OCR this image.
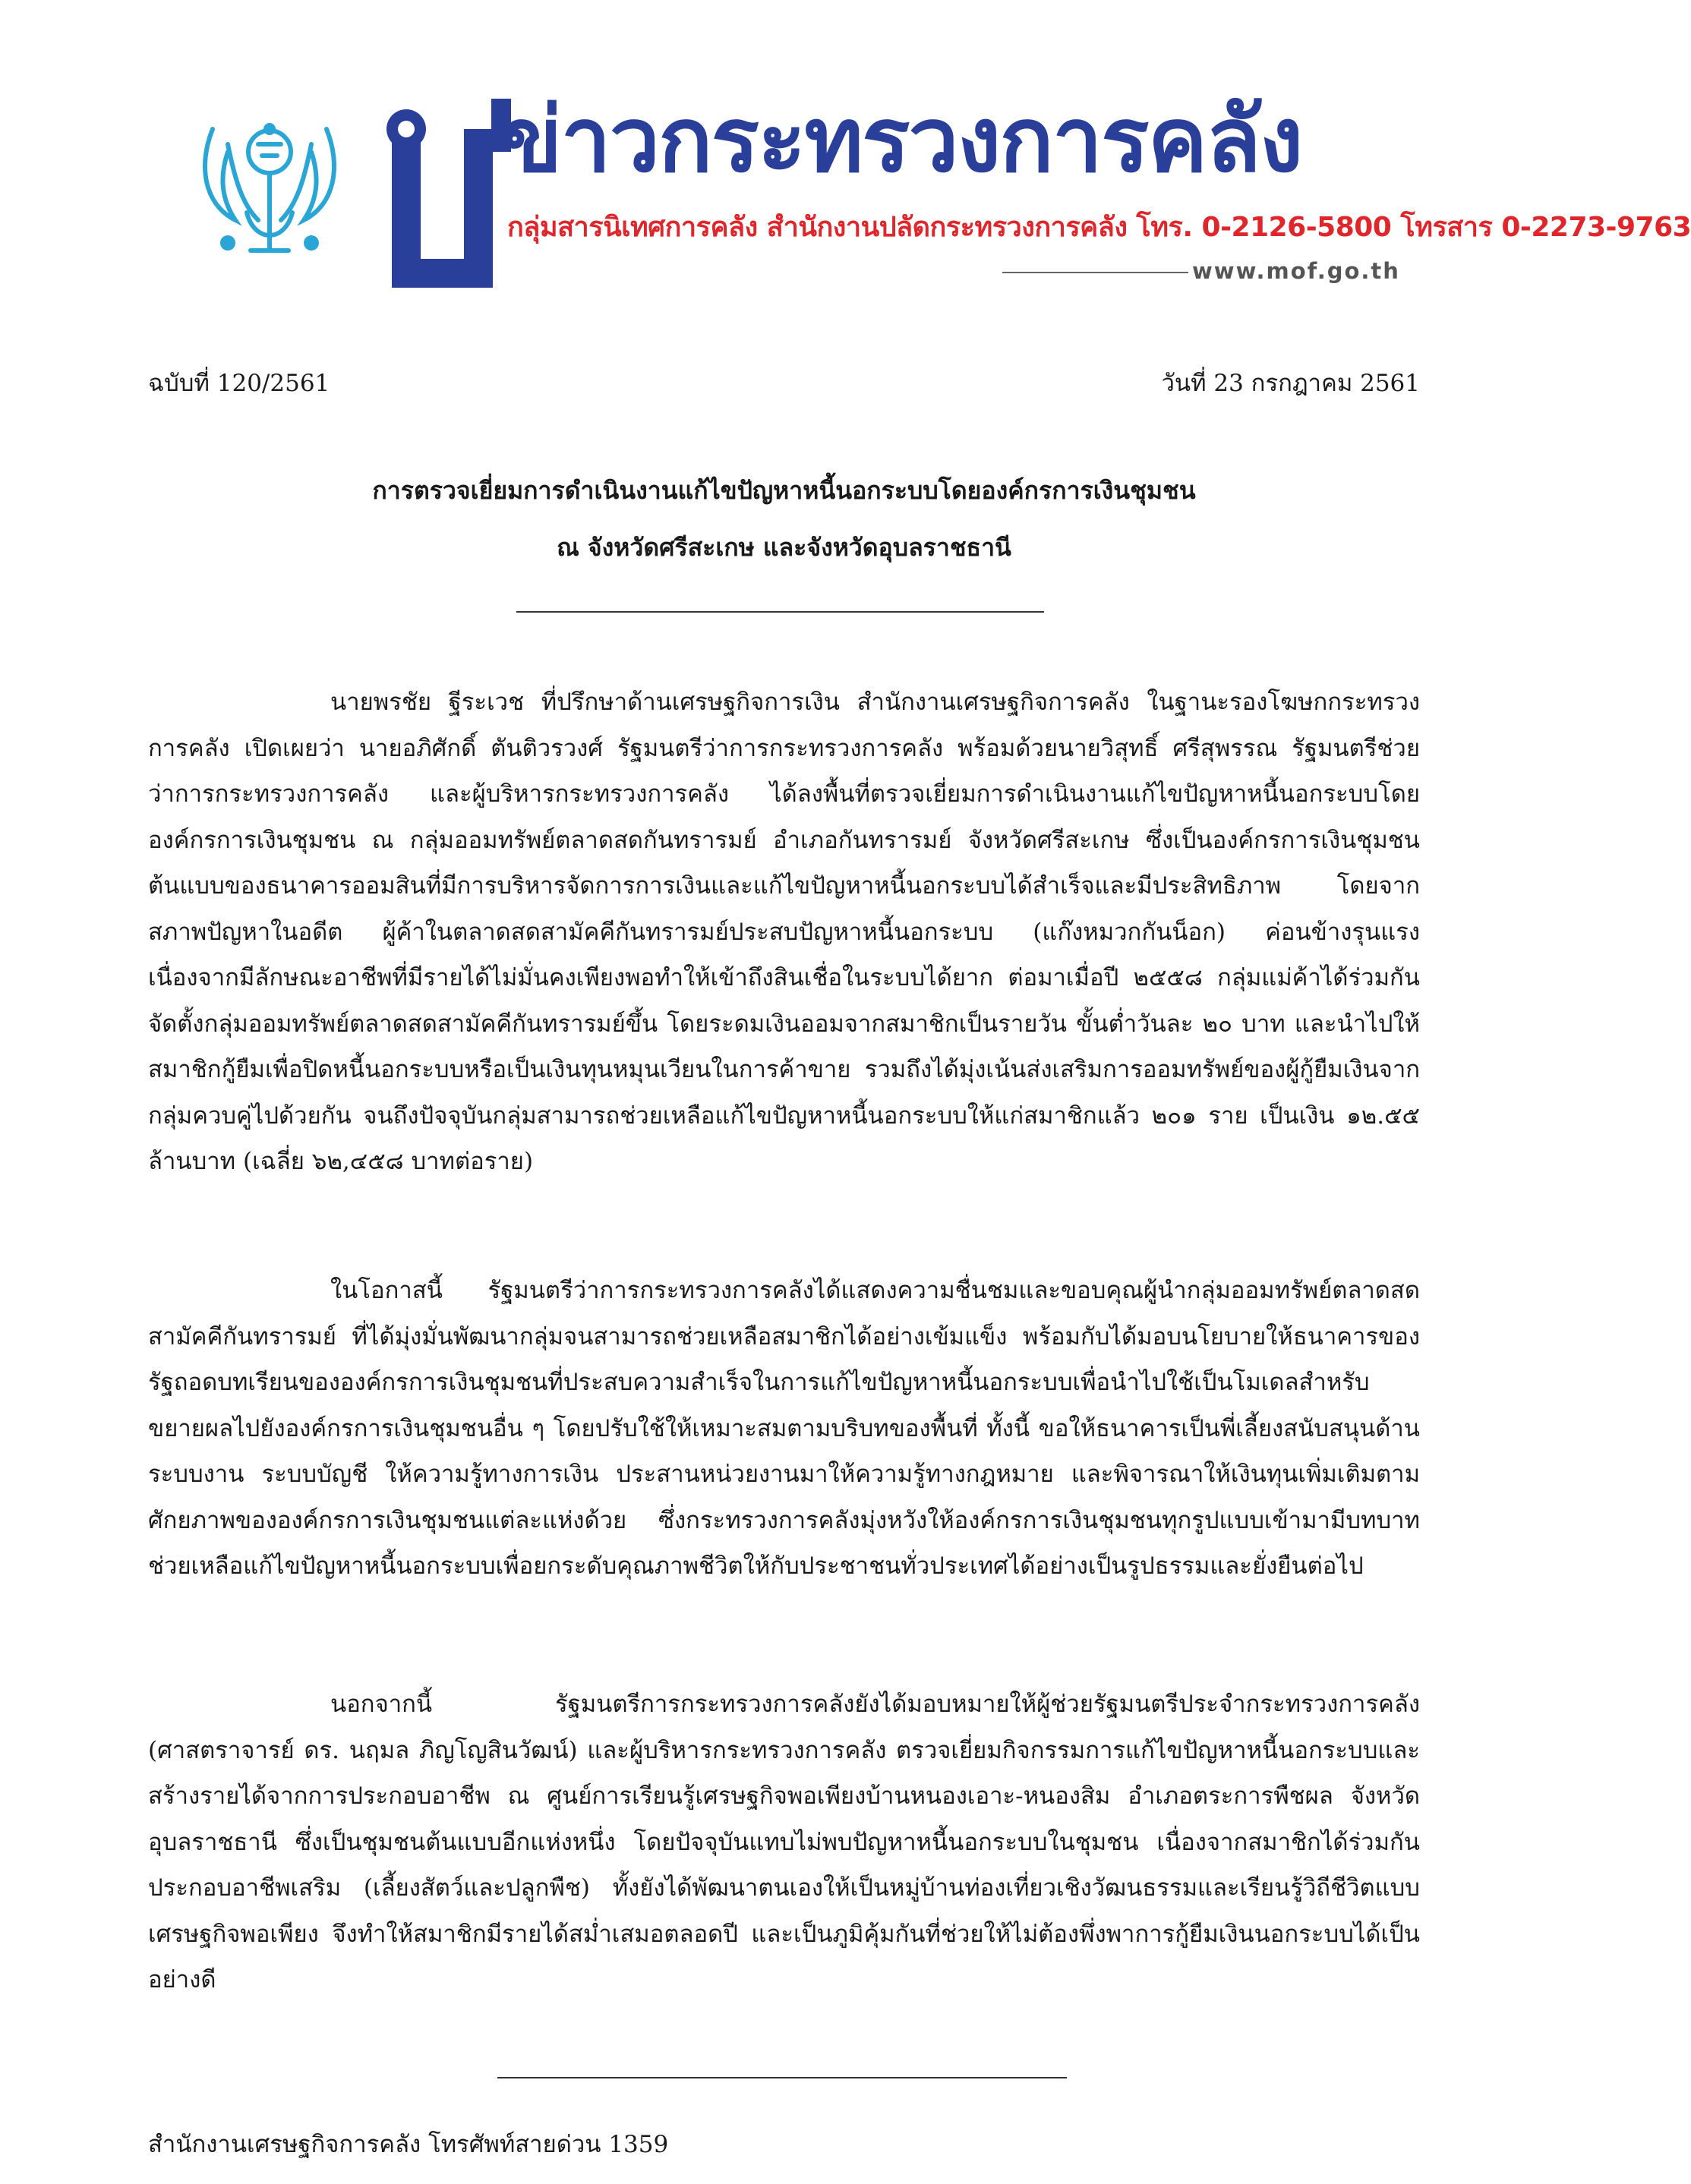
ข่าวกระทรวงการคลัง
กลุ่มสารนิเทศการคลัง สำนักงานปลัดกระทรวงการคลัง โทร. 0-2126-5800 โทรสาร 0-2273-9763
www.mof.go.th
ฉบับที่ 120/2561	วันที่ 23 กรกฎาคม 2561
การตรวจเยี่ยมการดำเนินงานแก้ไขปัญหาหนี้นอกระบบโดยองค์กรการเงินชุมชน
ณ จังหวัดศรีสะเกษ และจังหวัดอุบลราชธานี

นายพรชัย ฐีระเวช ที่ปรึกษาด้านเศรษฐกิจการเงิน สำนักงานเศรษฐกิจการคลัง ในฐานะรองโฆษกกระทรวงการคลัง เปิดเผยว่า นายอภิศักดิ์ ตันติวรวงศ์ รัฐมนตรีว่าการกระทรวงการคลัง พร้อมด้วยนายวิสุทธิ์ ศรีสุพรรณ รัฐมนตรีช่วยว่าการกระทรวงการคลัง และผู้บริหารกระทรวงการคลัง ได้ลงพื้นที่ตรวจเยี่ยมการดำเนินงานแก้ไขปัญหาหนี้นอกระบบโดยองค์กรการเงินชุมชน ณ กลุ่มออมทรัพย์ตลาดสดกันทรารมย์ อำเภอกันทรารมย์ จังหวัดศรีสะเกษ ซึ่งเป็นองค์กรการเงินชุมชนต้นแบบของธนาคารออมสินที่มีการบริหารจัดการการเงินและแก้ไขปัญหาหนี้นอกระบบได้สำเร็จและมีประสิทธิภาพ โดยจากสภาพปัญหาในอดีต ผู้ค้าในตลาดสดสามัคคีกันทรารมย์ประสบปัญหาหนี้นอกระบบ (แก๊งหมวกกันน็อก) ค่อนข้างรุนแรง เนื่องจากมีลักษณะอาชีพที่มีรายได้ไม่มั่นคงเพียงพอทำให้เข้าถึงสินเชื่อในระบบได้ยาก ต่อมาเมื่อปี ๒๕๕๘ กลุ่มแม่ค้าได้ร่วมกันจัดตั้งกลุ่มออมทรัพย์ตลาดสดสามัคคีกันทรารมย์ขึ้น โดยระดมเงินออมจากสมาชิกเป็นรายวัน ขั้นต่ำวันละ ๒๐ บาท และนำไปให้สมาชิกกู้ยืมเพื่อปิดหนี้นอกระบบหรือเป็นเงินทุนหมุนเวียนในการค้าขาย รวมถึงได้มุ่งเน้นส่งเสริมการออมทรัพย์ของผู้กู้ยืมเงินจากกลุ่มควบคู่ไปด้วยกัน จนถึงปัจจุบันกลุ่มสามารถช่วยเหลือแก้ไขปัญหาหนี้นอกระบบให้แก่สมาชิกแล้ว ๒๐๑ ราย เป็นเงิน ๑๒.๕๕ ล้านบาท (เฉลี่ย ๖๒,๔๕๘ บาทต่อราย)

ในโอกาสนี้ รัฐมนตรีว่าการกระทรวงการคลังได้แสดงความชื่นชมและขอบคุณผู้นำกลุ่มออมทรัพย์ตลาดสดสามัคคีกันทรารมย์ ที่ได้มุ่งมั่นพัฒนากลุ่มจนสามารถช่วยเหลือสมาชิกได้อย่างเข้มแข็ง พร้อมกับได้มอบนโยบายให้ธนาคารของรัฐถอดบทเรียนขององค์กรการเงินชุมชนที่ประสบความสำเร็จในการแก้ไขปัญหาหนี้นอกระบบเพื่อนำไปใช้เป็นโมเดลสำหรับขยายผลไปยังองค์กรการเงินชุมชนอื่น ๆ โดยปรับใช้ให้เหมาะสมตามบริบทของพื้นที่ ทั้งนี้ ขอให้ธนาคารเป็นพี่เลี้ยงสนับสนุนด้านระบบงาน ระบบบัญชี ให้ความรู้ทางการเงิน ประสานหน่วยงานมาให้ความรู้ทางกฎหมาย และพิจารณาให้เงินทุนเพิ่มเติมตามศักยภาพขององค์กรการเงินชุมชนแต่ละแห่งด้วย ซึ่งกระทรวงการคลังมุ่งหวังให้องค์กรการเงินชุมชนทุกรูปแบบเข้ามามีบทบาทช่วยเหลือแก้ไขปัญหาหนี้นอกระบบเพื่อยกระดับคุณภาพชีวิตให้กับประชาชนทั่วประเทศได้อย่างเป็นรูปธรรมและยั่งยืนต่อไป

นอกจากนี้ รัฐมนตรีการกระทรวงการคลังยังได้มอบหมายให้ผู้ช่วยรัฐมนตรีประจำกระทรวงการคลัง (ศาสตราจารย์ ดร. นฤมล ภิญโญสินวัฒน์) และผู้บริหารกระทรวงการคลัง ตรวจเยี่ยมกิจกรรมการแก้ไขปัญหาหนี้นอกระบบและสร้างรายได้จากการประกอบอาชีพ ณ ศูนย์การเรียนรู้เศรษฐกิจพอเพียงบ้านหนองเอาะ-หนองสิม อำเภอตระการพืชผล จังหวัดอุบลราชธานี ซึ่งเป็นชุมชนต้นแบบอีกแห่งหนึ่ง โดยปัจจุบันแทบไม่พบปัญหาหนี้นอกระบบในชุมชน เนื่องจากสมาชิกได้ร่วมกันประกอบอาชีพเสริม (เลี้ยงสัตว์และปลูกพืช) ทั้งยังได้พัฒนาตนเองให้เป็นหมู่บ้านท่องเที่ยวเชิงวัฒนธรรมและเรียนรู้วิถีชีวิตแบบเศรษฐกิจพอเพียง จึงทำให้สมาชิกมีรายได้สม่ำเสมอตลอดปี และเป็นภูมิคุ้มกันที่ช่วยให้ไม่ต้องพึ่งพาการกู้ยืมเงินนอกระบบได้เป็นอย่างดี

สำนักงานเศรษฐกิจการคลัง โทรศัพท์สายด่วน 1359
